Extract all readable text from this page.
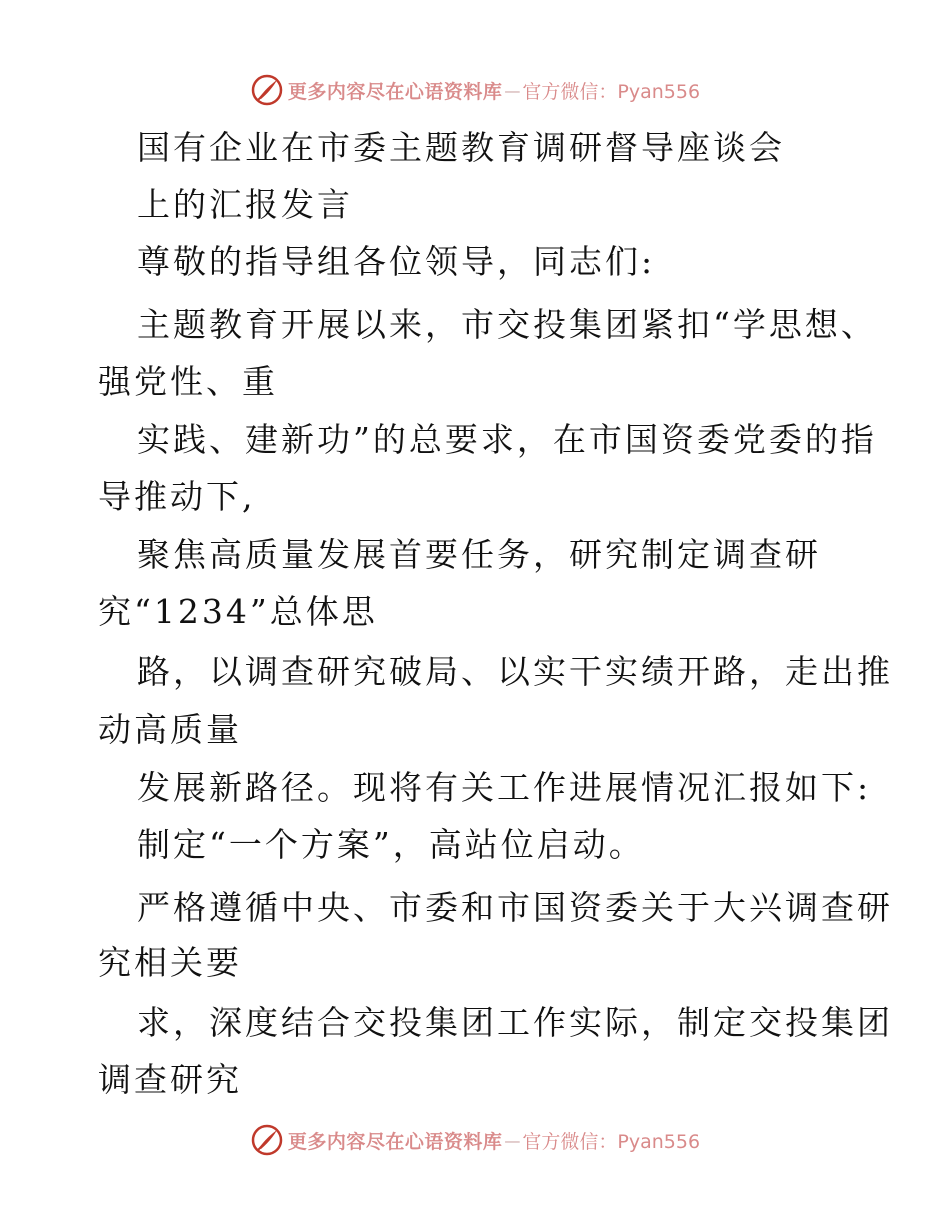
更多内容尽在心语资料库 — 官方微信：Pyan556
国有企业在市委主题教育调研督导座谈会
上的汇报发言
尊敬的指导组各位领导，同志们:
主题教育开展以来，市交投集团紧扣“学思想、
强党性、重
实践、建新功”的总要求，在市国资委党委的指
导推动下,
聚焦高质量发展首要任务，研究制定调查研
究“1234”总体思
路，以调查研究破局、以实干实绩开路，走出推
动高质量
发展新路径。现将有关工作进展情况汇报如下:
制定“一个方案”，高站位启动。
严格遵循中央、市委和市国资委关于大兴调查研
究相关要
求，深度结合交投集团工作实际，制定交投集团
调查研究
更多内容尽在心语资料库 — 官方微信：Pyan556
